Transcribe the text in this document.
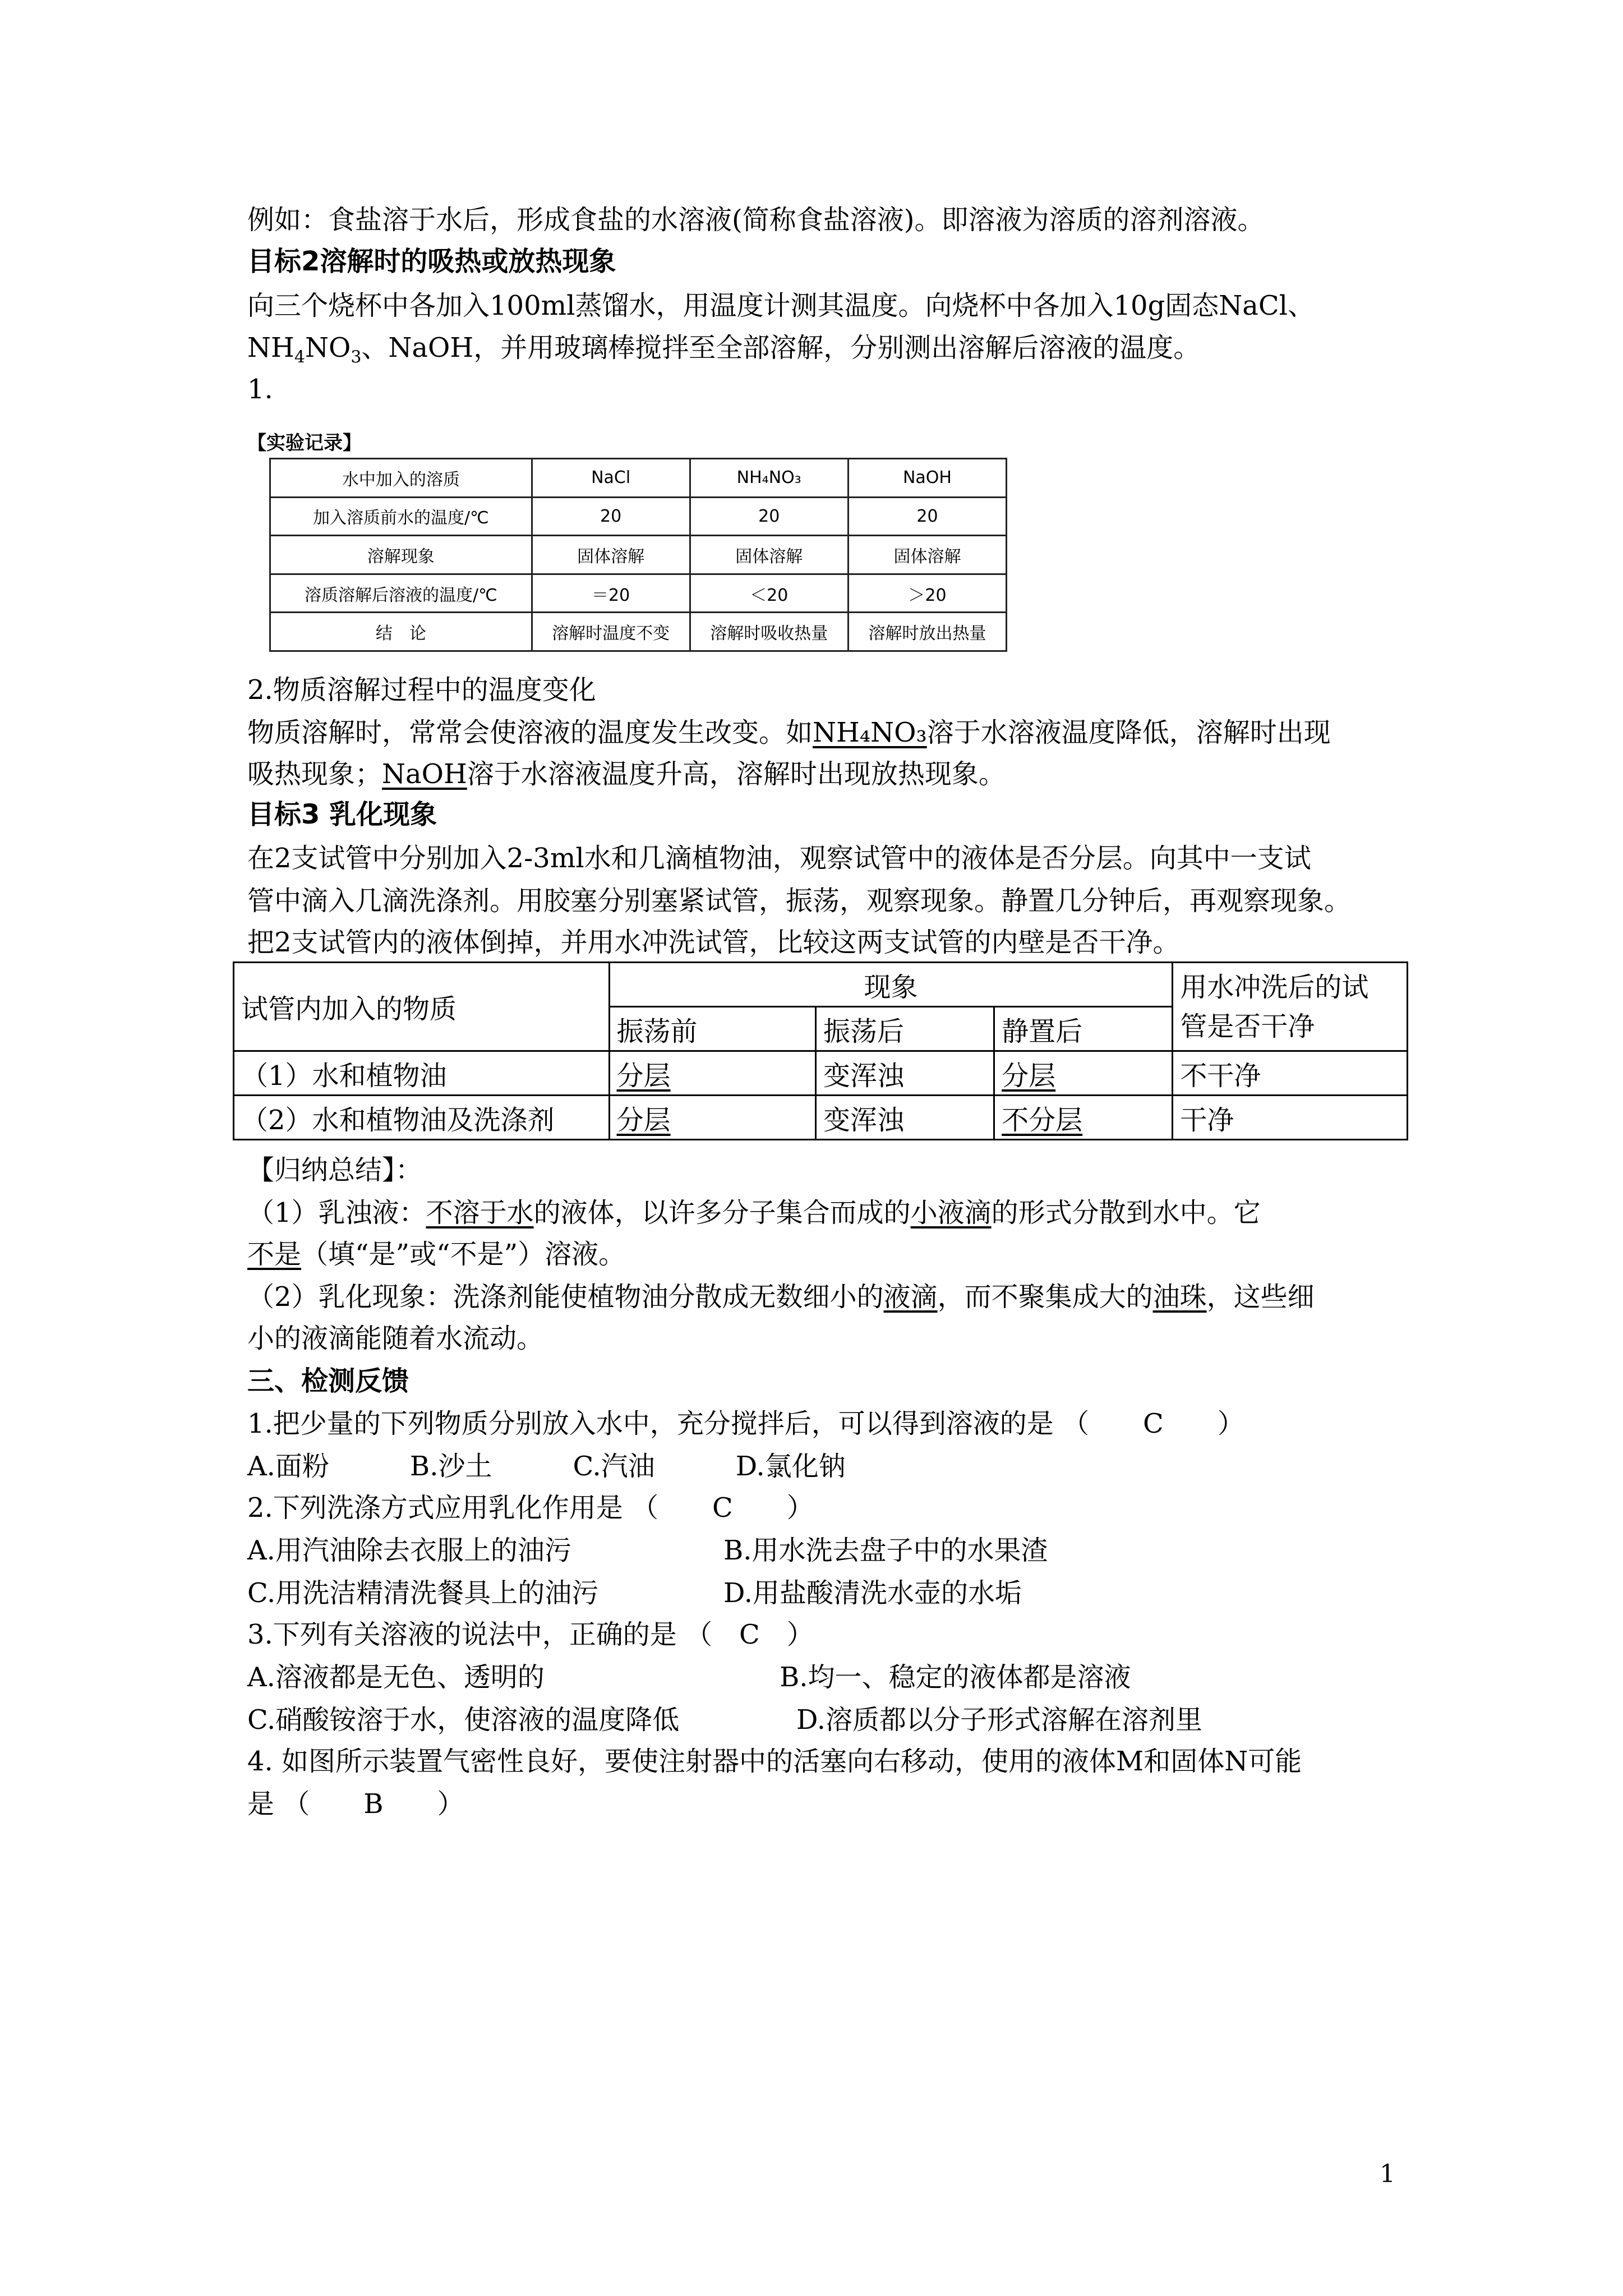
例如：食盐溶于水后，形成食盐的水溶液(简称食盐溶液)。即溶液为溶质的溶剂溶液。
目标2溶解时的吸热或放热现象
向三个烧杯中各加入100ml蒸馏水，用温度计测其温度。向烧杯中各加入10g固态NaCl、
$NH_4NO_3$、NaOH，并用玻璃棒搅拌至全部溶解，分别测出溶解后溶液的温度。
1.
【实验记录】
水中加入的溶质	NaCl	NH₄NO₃	NaOH
加入溶质前水的温度/℃	20	20	20
溶解现象	固体溶解	固体溶解	固体溶解
溶质溶解后溶液的温度/℃	＝20	＜20	＞20
结　论	溶解时温度不变	溶解时吸收热量	溶解时放出热量
2.物质溶解过程中的温度变化
物质溶解时，常常会使溶液的温度发生改变。如NH₄NO₃溶于水溶液温度降低，溶解时出现
吸热现象；NaOH溶于水溶液温度升高，溶解时出现放热现象。
目标3 乳化现象
在2支试管中分别加入2-3ml水和几滴植物油，观察试管中的液体是否分层。向其中一支试
管中滴入几滴洗涤剂。用胶塞分别塞紧试管，振荡，观察现象。静置几分钟后，再观察现象。
把2支试管内的液体倒掉，并用水冲洗试管，比较这两支试管的内壁是否干净。
试管内加入的物质	现象			用水冲洗后的试
管是否干净

	振荡前	振荡后	静置后	
（1）水和植物油	分层	变浑浊	分层	不干净
（2）水和植物油及洗涤剂	分层	变浑浊	不分层	干净
【归纳总结】：
（1）乳浊液：不溶于水的液体，以许多分子集合而成的小液滴的形式分散到水中。它
不是（填“是”或“不是”）溶液。
（2）乳化现象：洗涤剂能使植物油分散成无数细小的液滴，而不聚集成大的油珠，这些细
小的液滴能随着水流动。
三、检测反馈
1.把少量的下列物质分别放入水中，充分搅拌后，可以得到溶液的是 （　　C　　）
A.面粉　　　B.沙土　　　C.汽油　　　D.氯化钠
2.下列洗涤方式应用乳化作用是 （　　C　　）
A.用汽油除去衣服上的油污	B.用水洗去盘子中的水果渣
C.用洗洁精清洗餐具上的油污	D.用盐酸清洗水壶的水垢
3.下列有关溶液的说法中，正确的是 （　C　）
A.溶液都是无色、透明的	B.均一、稳定的液体都是溶液
C.硝酸铵溶于水，使溶液的温度降低	D.溶质都以分子形式溶解在溶剂里
4. 如图所示装置气密性良好，要使注射器中的活塞向右移动，使用的液体M和固体N可能
是 （　　B　　）
1
